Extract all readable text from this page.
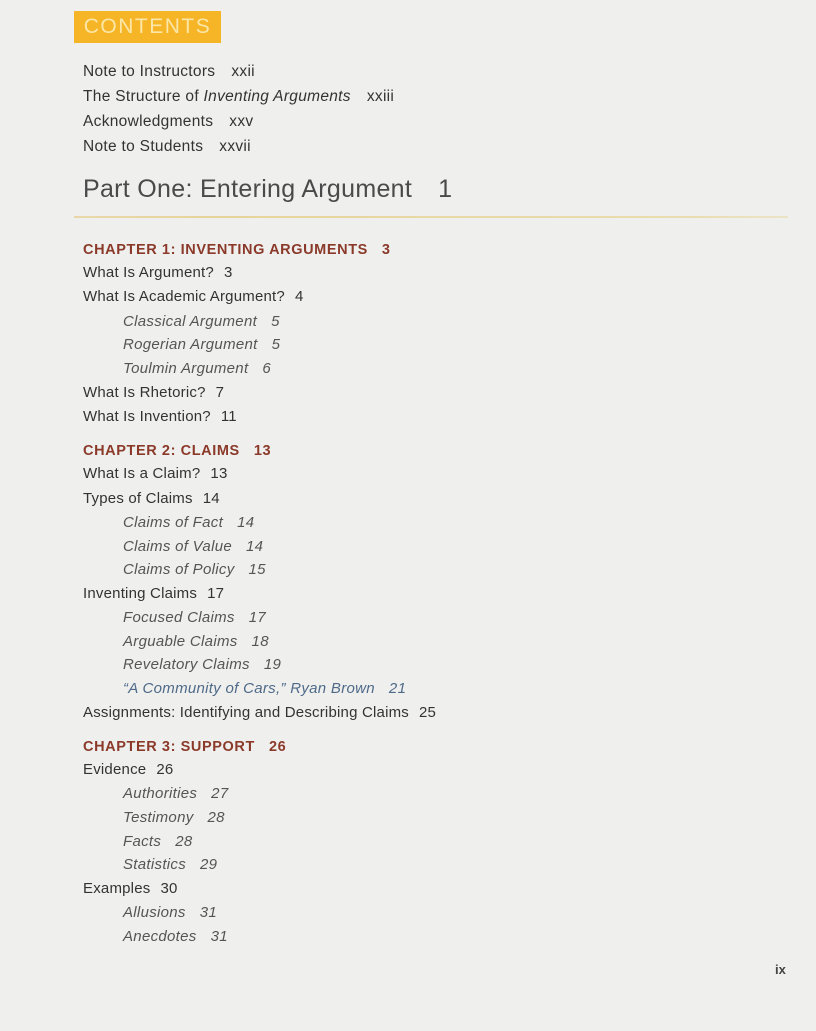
CONTENTS
Note to Instructors xxii
The Structure of Inventing Arguments xxiii
Acknowledgments xxv
Note to Students xxvii
Part One: Entering Argument 1
CHAPTER 1: INVENTING ARGUMENTS 3
What Is Argument? 3
What Is Academic Argument? 4
Classical Argument 5
Rogerian Argument 5
Toulmin Argument 6
What Is Rhetoric? 7
What Is Invention? 11
CHAPTER 2: CLAIMS 13
What Is a Claim? 13
Types of Claims 14
Claims of Fact 14
Claims of Value 14
Claims of Policy 15
Inventing Claims 17
Focused Claims 17
Arguable Claims 18
Revelatory Claims 19
“A Community of Cars,” Ryan Brown 21
Assignments: Identifying and Describing Claims 25
CHAPTER 3: SUPPORT 26
Evidence 26
Authorities 27
Testimony 28
Facts 28
Statistics 29
Examples 30
Allusions 31
Anecdotes 31
ix
